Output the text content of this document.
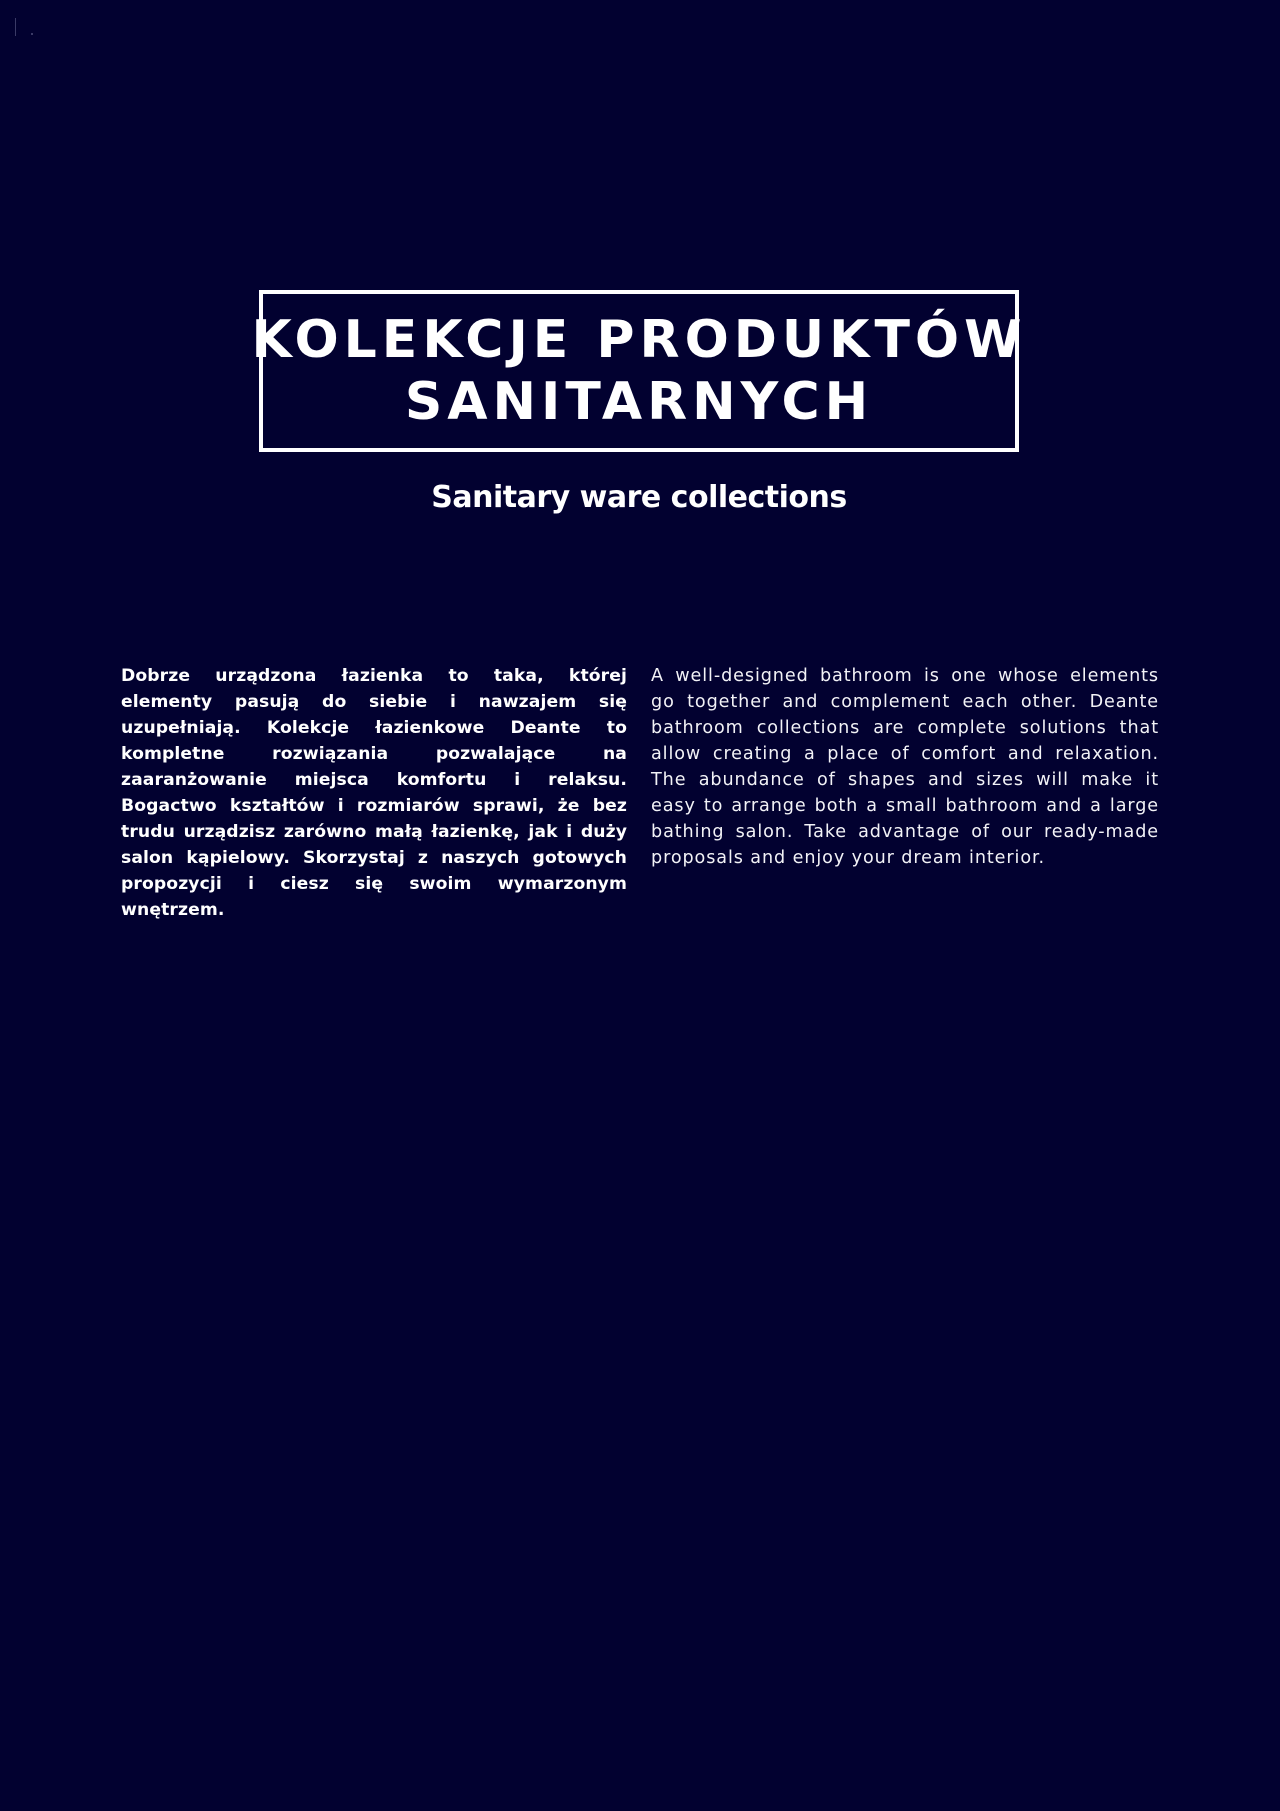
KOLEKCJE PRODUKTÓW
SANITARNYCH
Sanitary ware collections
Dobrze urządzona łazienka to taka, której elementy pasują do siebie i nawzajem się uzupełniają. Kolekcje łazienkowe Deante to kompletne rozwiązania pozwalające na zaaranżowanie miejsca komfortu i relaksu. Bogactwo kształtów i rozmiarów sprawi, że bez trudu urządzisz zarówno małą łazienkę, jak i duży salon kąpielowy. Skorzystaj z naszych gotowych propozycji i ciesz się swoim wymarzonym wnętrzem.
A well-designed bathroom is one whose elements go together and complement each other. Deante bathroom collections are complete solutions that allow creating a place of comfort and relaxation. The abundance of shapes and sizes will make it easy to arrange both a small bathroom and a large bathing salon. Take advantage of our ready-made proposals and enjoy your dream interior.
